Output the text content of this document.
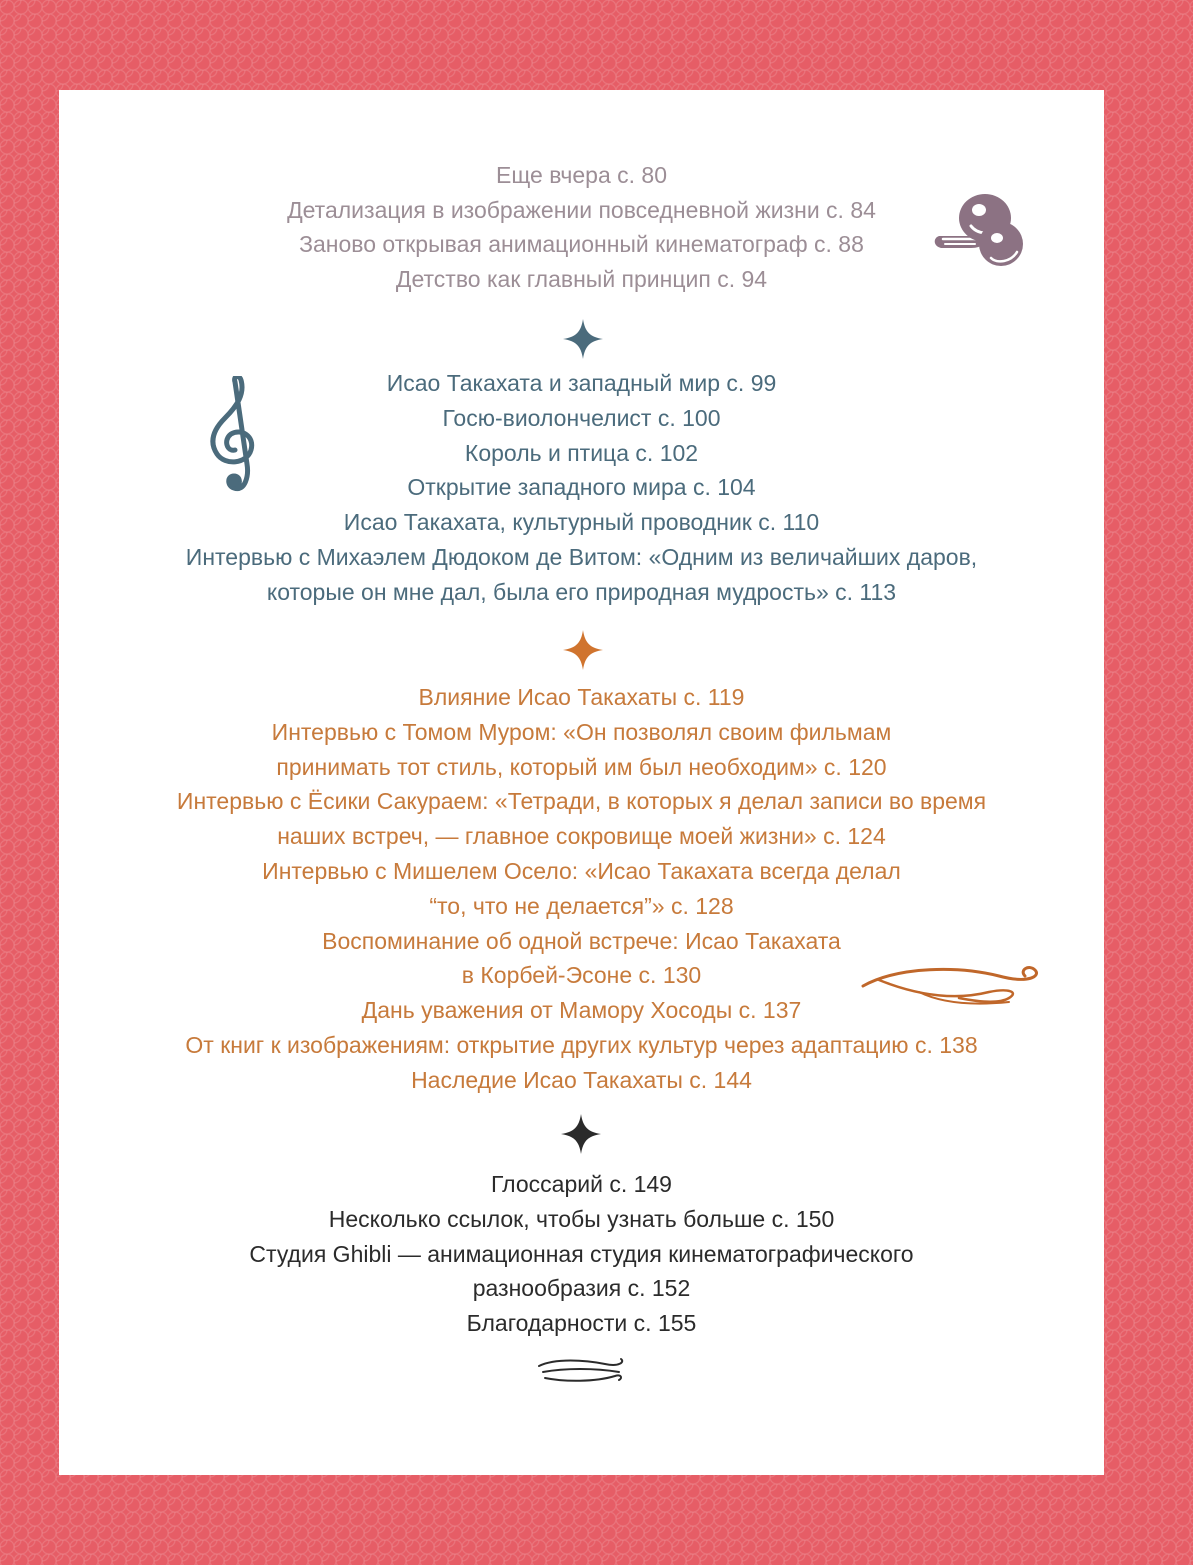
Еще вчера с. 80
Детализация в изображении повседневной жизни с. 84
Заново открывая анимационный кинематограф с. 88
Детство как главный принцип с. 94
Исао Такахата и западный мир с. 99
Госю-виолончелист с. 100
Король и птица с. 102
Открытие западного мира с. 104
Исао Такахата, культурный проводник с. 110
Интервью с Михаэлем Дюдоком де Витом: «Одним из величайших даров,
которые он мне дал, была его природная мудрость» с. 113
Влияние Исао Такахаты с. 119
Интервью с Томом Муром: «Он позволял своим фильмам
принимать тот стиль, который им был необходим» с. 120
Интервью с Ёсики Сакураем: «Тетради, в которых я делал записи во время
наших встреч, — главное сокровище моей жизни» с. 124
Интервью с Мишелем Осело: «Исао Такахата всегда делал
“то, что не делается”» с. 128
Воспоминание об одной встрече: Исао Такахата
в Корбей-Эсоне с. 130
Дань уважения от Мамору Хосоды с. 137
От книг к изображениям: открытие других культур через адаптацию с. 138
Наследие Исао Такахаты с. 144
Глоссарий с. 149
Несколько ссылок, чтобы узнать больше с. 150
Студия Ghibli — анимационная студия кинематографического
разнообразия с. 152
Благодарности с. 155
